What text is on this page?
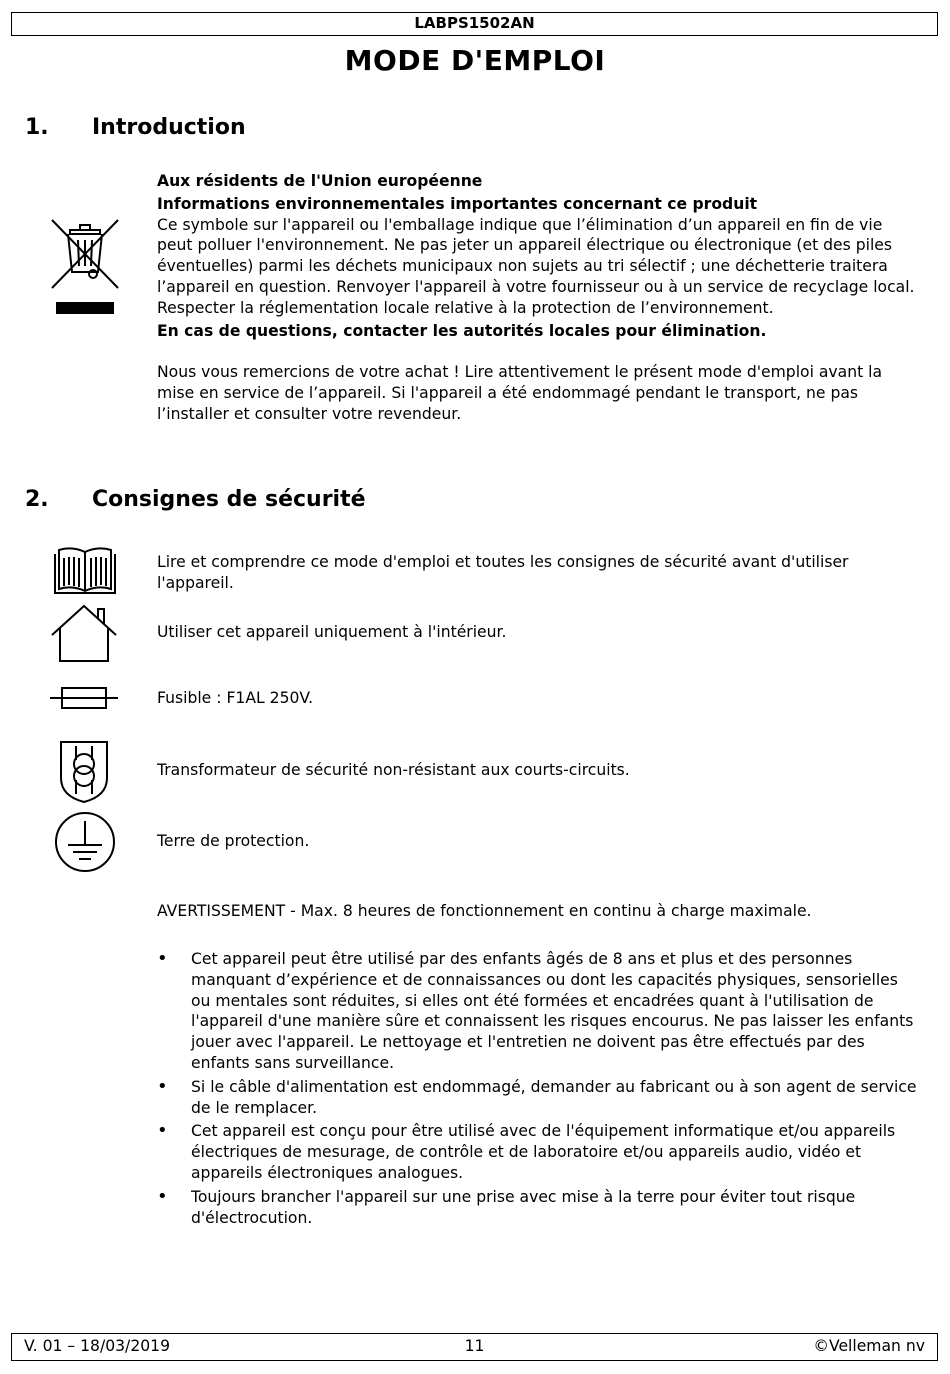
LABPS1502AN
MODE D'EMPLOI
1. Introduction
Aux résidents de l'Union européenne
Informations environnementales importantes concernant ce produit
Ce symbole sur l'appareil ou l'emballage indique que l’élimination d’un appareil en fin de vie peut polluer l'environnement. Ne pas jeter un appareil électrique ou électronique (et des piles éventuelles) parmi les déchets municipaux non sujets au tri sélectif ; une déchetterie traitera l’appareil en question. Renvoyer l'appareil à votre fournisseur ou à un service de recyclage local. Respecter la réglementation locale relative à la protection de l’environnement.
En cas de questions, contacter les autorités locales pour élimination.
Nous vous remercions de votre achat ! Lire attentivement le présent mode d'emploi avant la mise en service de l’appareil. Si l'appareil a été endommagé pendant le transport, ne pas l’installer et consulter votre revendeur.
2. Consignes de sécurité
Lire et comprendre ce mode d'emploi et toutes les consignes de sécurité avant d'utiliser l'appareil.
Utiliser cet appareil uniquement à l'intérieur.
Fusible : F1AL 250V.
Transformateur de sécurité non-résistant aux courts-circuits.
Terre de protection.
AVERTISSEMENT - Max. 8 heures de fonctionnement en continu à charge maximale.
• Cet appareil peut être utilisé par des enfants âgés de 8 ans et plus et des personnes manquant d’expérience et de connaissances ou dont les capacités physiques, sensorielles ou mentales sont réduites, si elles ont été formées et encadrées quant à l'utilisation de l'appareil d'une manière sûre et connaissent les risques encourus. Ne pas laisser les enfants jouer avec l'appareil. Le nettoyage et l'entretien ne doivent pas être effectués par des enfants sans surveillance.
• Si le câble d'alimentation est endommagé, demander au fabricant ou à son agent de service de le remplacer.
• Cet appareil est conçu pour être utilisé avec de l'équipement informatique et/ou appareils électriques de mesurage, de contrôle et de laboratoire et/ou appareils audio, vidéo et appareils électroniques analogues.
• Toujours brancher l'appareil sur une prise avec mise à la terre pour éviter tout risque d'électrocution.
V. 01 – 18/03/2019	11	©Velleman nv
